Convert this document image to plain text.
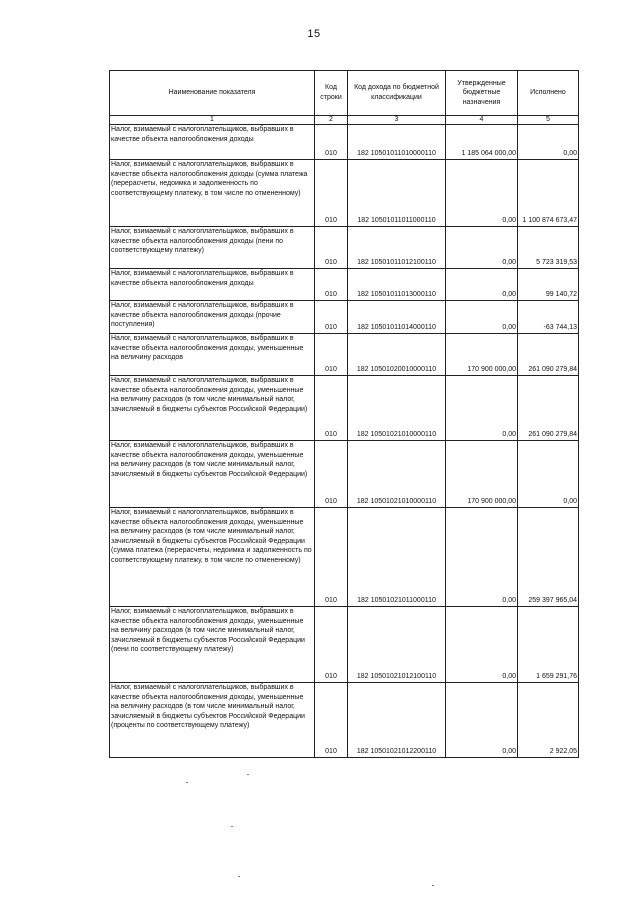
15
Наименование показателя	Код строки	Код дохода по бюджетной классификации	Утвержденные бюджетные назначения	Исполнено
1	2	3	4	5
Налог, взимаемый с налогоплательщиков, выбравших в качестве объекта налогообложения доходы	010	182 10501011010000110	1 185 064 000,00	0,00
Налог, взимаемый с налогоплательщиков, выбравших в качестве объекта налогообложения доходы (сумма платежа (перерасчеты, недоимка и задолженность по соответствующему платежу, в том числе по отмененному)	010	182 10501011011000110	0,00	1 100 874 673,47
Налог, взимаемый с налогоплательщиков, выбравших в качестве объекта налогообложения доходы (пени по соответствующему платежу)	010	182 10501011012100110	0,00	5 723 319,53
Налог, взимаемый с налогоплательщиков, выбравших в качестве объекта налогообложения доходы	010	182 10501011013000110	0,00	99 140,72
Налог, взимаемый с налогоплательщиков, выбравших в качестве объекта налогообложения доходы (прочие поступления)	010	182 10501011014000110	0,00	-63 744,13
Налог, взимаемый с налогоплательщиков, выбравших в качестве объекта налогообложения доходы, уменьшенные на величину расходов	010	182 10501020010000110	170 900 000,00	261 090 279,84
Налог, взимаемый с налогоплательщиков, выбравших в качестве объекта налогообложения доходы, уменьшенные на величину расходов (в том числе минимальный налог, зачисляемый в бюджеты субъектов Российской Федерации)	010	182 10501021010000110	0,00	261 090 279,84
Налог, взимаемый с налогоплательщиков, выбравших в качестве объекта налогообложения доходы, уменьшенные на величину расходов (в том числе минимальный налог, зачисляемый в бюджеты субъектов Российской Федерации)	010	182 10501021010000110	170 900 000,00	0,00
Налог, взимаемый с налогоплательщиков, выбравших в качестве объекта налогообложения доходы, уменьшенные на величину расходов (в том числе минимальный налог, зачисляемый в бюджеты субъектов Российской Федерации (сумма платежа (перерасчеты, недоимка и задолженность по соответствующему платежу, в том числе по отмененному)	010	182 10501021011000110	0,00	259 397 965,04
Налог, взимаемый с налогоплательщиков, выбравших в качестве объекта налогообложения доходы, уменьшенные на величину расходов (в том числе минимальный налог, зачисляемый в бюджеты субъектов Российской Федерации (пени по соответствующему платежу)	010	182 10501021012100110	0,00	1 659 291,76
Налог, взимаемый с налогоплательщиков, выбравших в качестве объекта налогообложения доходы, уменьшенные на величину расходов (в том числе минимальный налог, зачисляемый в бюджеты субъектов Российской Федерации (проценты по соответствующему платежу)	010	182 10501021012200110	0,00	2 922,05
